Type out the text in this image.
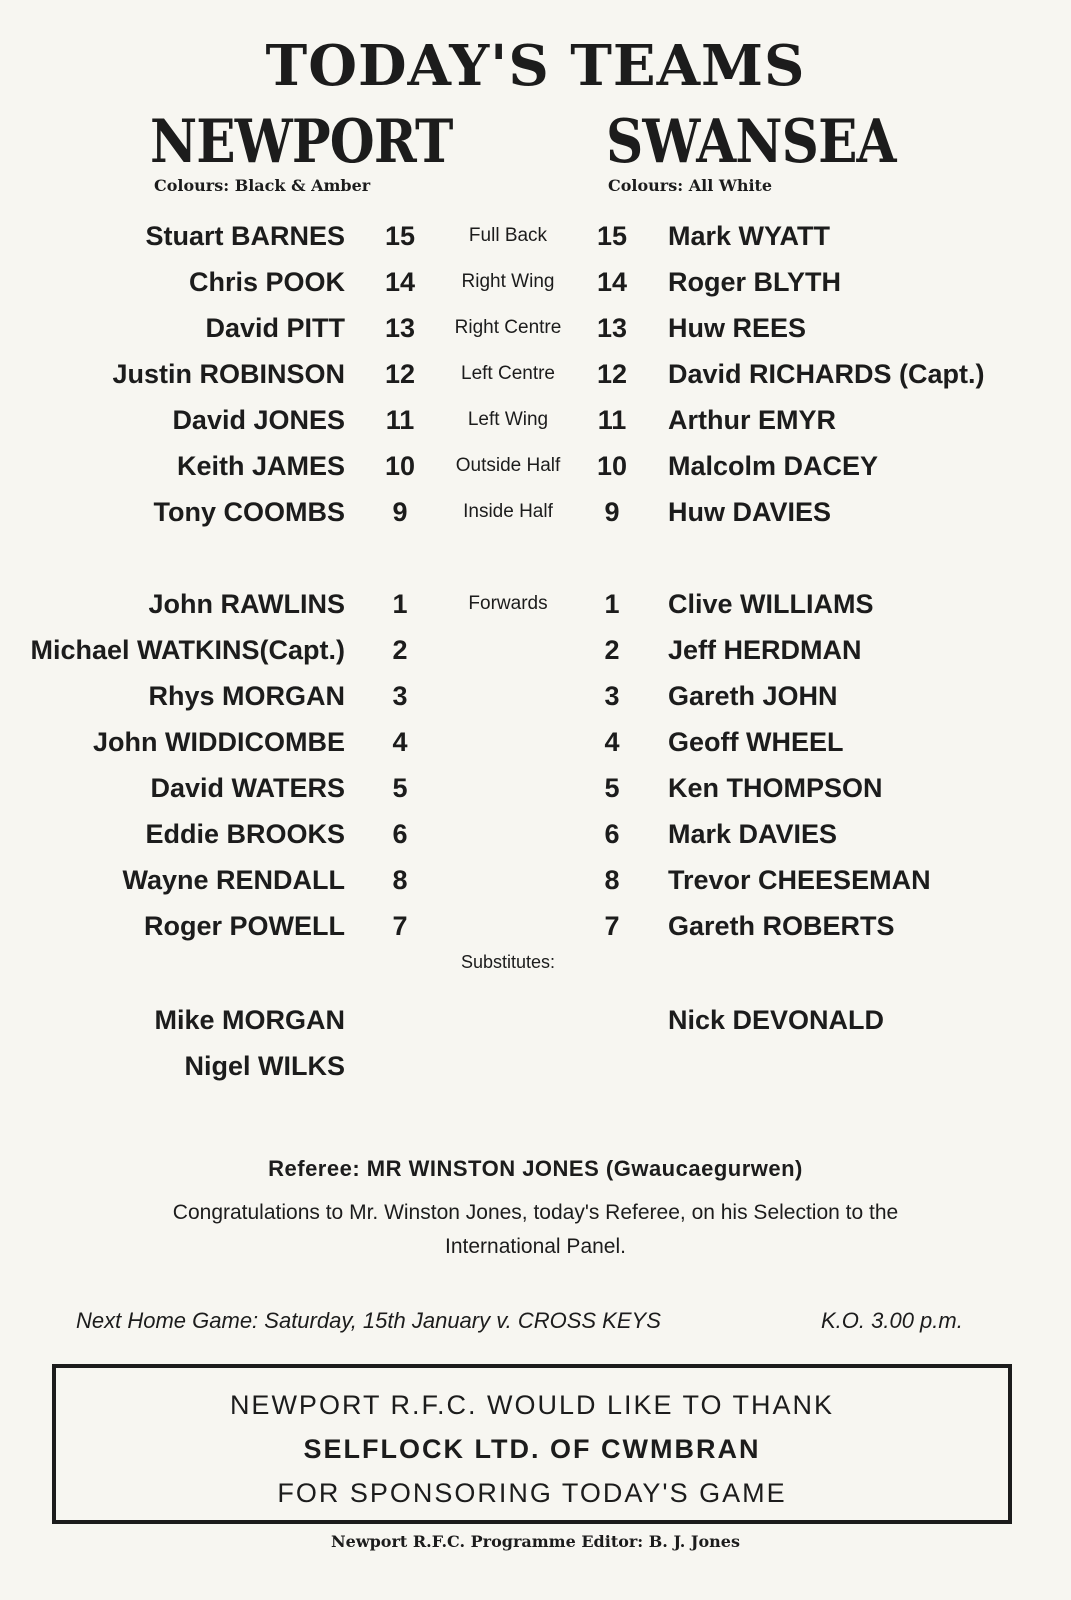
TODAY'S TEAMS
NEWPORT	SWANSEA
Colours: Black & Amber	Colours: All White
Stuart BARNES 15	Full Back	15 Mark WYATT
Chris POOK 14	Right Wing	14 Roger BLYTH
David PITT 13	Right Centre	13 Huw REES
Justin ROBINSON 12	Left Centre	12 David RICHARDS (Capt.)
David JONES 11	Left Wing	11 Arthur EMYR
Keith JAMES 10	Outside Half	10 Malcolm DACEY
Tony COOMBS	9	Inside Half	9	Huw DAVIES
John RAWLINS	1	Forwards	1	Clive WILLIAMS
Michael WATKINS(Capt.)	2	2	Jeff HERDMAN
Rhys MORGAN	3	3	Gareth JOHN
John WIDDICOMBE	4	4	Geoff WHEEL
David WATERS	5	5	Ken THOMPSON
Eddie BROOKS	6	6	Mark DAVIES
Wayne RENDALL	8	8	Trevor CHEESEMAN
Roger POWELL	7	7	Gareth ROBERTS
Substitutes:
Mike MORGAN	Nick DEVONALD
Nigel WILKS
Referee: MR WINSTON JONES (Gwaucaegurwen)
Congratulations to Mr. Winston Jones, today's Referee, on his Selection to the International Panel.
Next Home Game: Saturday, 15th January v. CROSS KEYS	K.O. 3.00 p.m.
NEWPORT R.F.C. WOULD LIKE TO THANK
SELFLOCK LTD. OF CWMBRAN
FOR SPONSORING TODAY'S GAME
Newport R.F.C. Programme Editor: B. J. Jones
